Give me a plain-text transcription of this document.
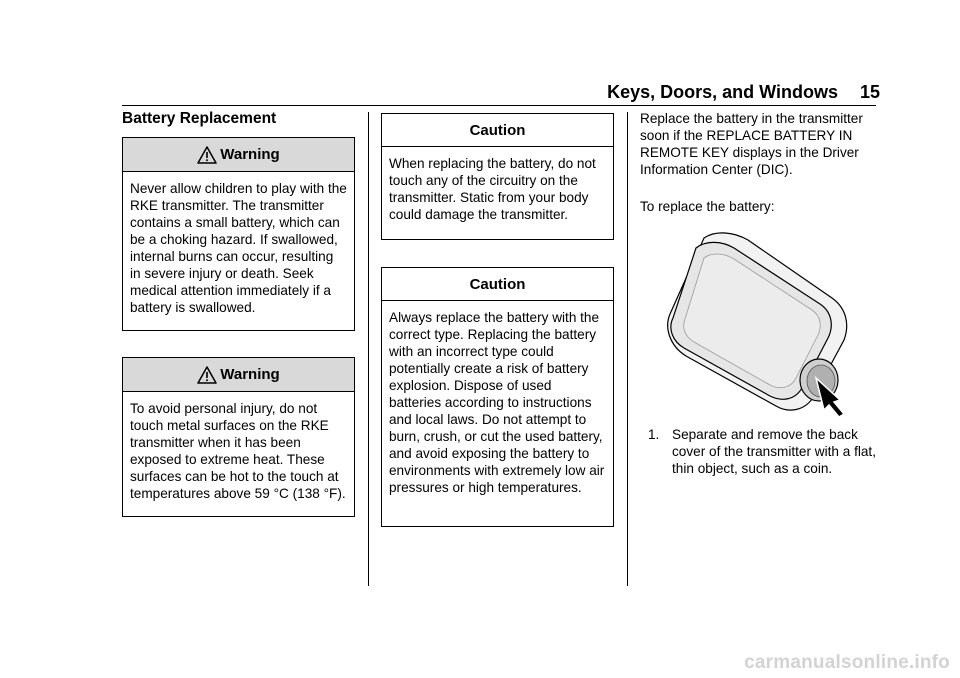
Keys, Doors, and Windows 15
Battery Replacement
Warning
Never allow children to play with the RKE transmitter. The transmitter contains a small battery, which can be a choking hazard. If swallowed, internal burns can occur, resulting in severe injury or death. Seek medical attention immediately if a battery is swallowed.
Warning
To avoid personal injury, do not touch metal surfaces on the RKE transmitter when it has been exposed to extreme heat. These surfaces can be hot to the touch at temperatures above 59 °C (138 °F).
Caution
When replacing the battery, do not touch any of the circuitry on the transmitter. Static from your body could damage the transmitter.
Caution
Always replace the battery with the correct type. Replacing the battery with an incorrect type could potentially create a risk of battery explosion. Dispose of used batteries according to instructions and local laws. Do not attempt to burn, crush, or cut the used battery, and avoid exposing the battery to environments with extremely low air pressures or high temperatures.
Replace the battery in the transmitter soon if the REPLACE BATTERY IN REMOTE KEY displays in the Driver Information Center (DIC).
To replace the battery:
1. Separate and remove the back cover of the transmitter with a flat, thin object, such as a coin.
carmanualsonline.info
